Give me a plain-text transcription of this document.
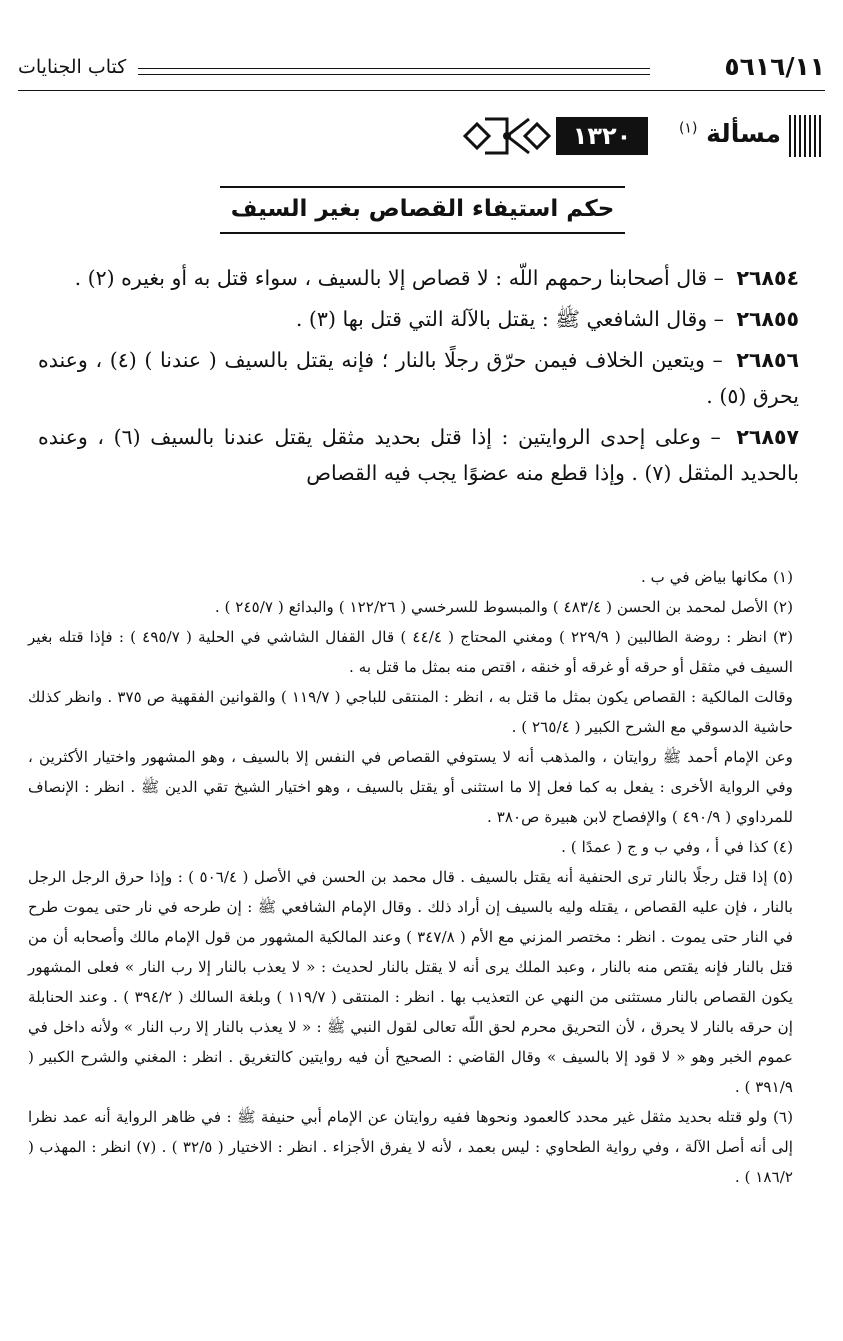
٥٦١٦/١١
كتاب الجنايات
مسألة $^{(١)}$
١٣٢٠
حكم استيفاء القصاص بغير السيف

٢٦٨٥٤ – قال أصحابنا رحمهم اللّه : لا قصاص إلا بالسيف ، سواء قتل به أو بغيره (٢) .

٢٦٨٥٥ – وقال الشافعي ﷺ : يقتل بالآلة التي قتل بها (٣) .

٢٦٨٥٦ – ويتعين الخلاف فيمن حرّق رجلًا بالنار ؛ فإنه يقتل بالسيف ( عندنا ) (٤) ، وعنده يحرق (٥) .

٢٦٨٥٧ – وعلى إحدى الروايتين : إذا قتل بحديد مثقل يقتل عندنا بالسيف (٦) ، وعنده بالحديد المثقل (٧) . وإذا قطع منه عضوًا يجب فيه القصاص

(١) مكانها بياض في ب .

(٢) الأصل لمحمد بن الحسن ( ٤٨٣/٤ ) والمبسوط للسرخسي ( ١٢٢/٢٦ ) والبدائع ( ٢٤٥/٧ ) .

(٣) انظر : روضة الطالبين ( ٢٢٩/٩ ) ومغني المحتاج ( ٤٤/٤ ) قال القفال الشاشي في الحلية ( ٤٩٥/٧ ) : فإذا قتله بغير السيف في مثقل أو حرقه أو غرقه أو خنقه ، اقتص منه بمثل ما قتل به .

وقالت المالكية : القصاص يكون بمثل ما قتل به ، انظر : المنتقى للباجي ( ١١٩/٧ ) والقوانين الفقهية ص ٣٧٥ . وانظر كذلك حاشية الدسوقي مع الشرح الكبير ( ٢٦٥/٤ ) .

وعن الإمام أحمد ﷺ روايتان ، والمذهب أنه لا يستوفي القصاص في النفس إلا بالسيف ، وهو المشهور واختيار الأكثرين ، وفي الرواية الأخرى : يفعل به كما فعل إلا ما استثنى أو يقتل بالسيف ، وهو اختيار الشيخ تقي الدين ﷺ . انظر : الإنصاف للمرداوي ( ٤٩٠/٩ ) والإفصاح لابن هبيرة ص٣٨٠ .

(٤) كذا في أ ، وفي ب و ج ( عمدًا ) .

(٥) إذا قتل رجلًا بالنار ترى الحنفية أنه يقتل بالسيف . قال محمد بن الحسن في الأصل ( ٥٠٦/٤ ) : وإذا حرق الرجل الرجل بالنار ، فإن عليه القصاص ، يقتله وليه بالسيف إن أراد ذلك . وقال الإمام الشافعي ﷺ : إن طرحه في نار حتى يموت طرح في النار حتى يموت . انظر : مختصر المزني مع الأم ( ٣٤٧/٨ ) وعند المالكية المشهور من قول الإمام مالك وأصحابه أن من قتل بالنار فإنه يقتص منه بالنار ، وعبد الملك يرى أنه لا يقتل بالنار لحديث : « لا يعذب بالنار إلا رب النار » فعلى المشهور يكون القصاص بالنار مستثنى من النهي عن التعذيب بها . انظر : المنتقى ( ١١٩/٧ ) وبلغة السالك ( ٣٩٤/٢ ) . وعند الحنابلة إن حرقه بالنار لا يحرق ، لأن التحريق محرم لحق اللّه تعالى لقول النبي ﷺ : « لا يعذب بالنار إلا رب النار » ولأنه داخل في عموم الخبر وهو « لا قود إلا بالسيف » وقال القاضي : الصحيح أن فيه روايتين كالتغريق . انظر : المغني والشرح الكبير ( ٣٩١/٩ ) .

(٦) ولو قتله بحديد مثقل غير محدد كالعمود ونحوها ففيه روايتان عن الإمام أبي حنيفة ﷺ : في ظاهر الرواية أنه عمد نظرا إلى أنه أصل الآلة ، وفي رواية الطحاوي : ليس بعمد ، لأنه لا يفرق الأجزاء . انظر : الاختيار ( ٣٢/٥ ) . (٧) انظر : المهذب ( ١٨٦/٢ ) .
